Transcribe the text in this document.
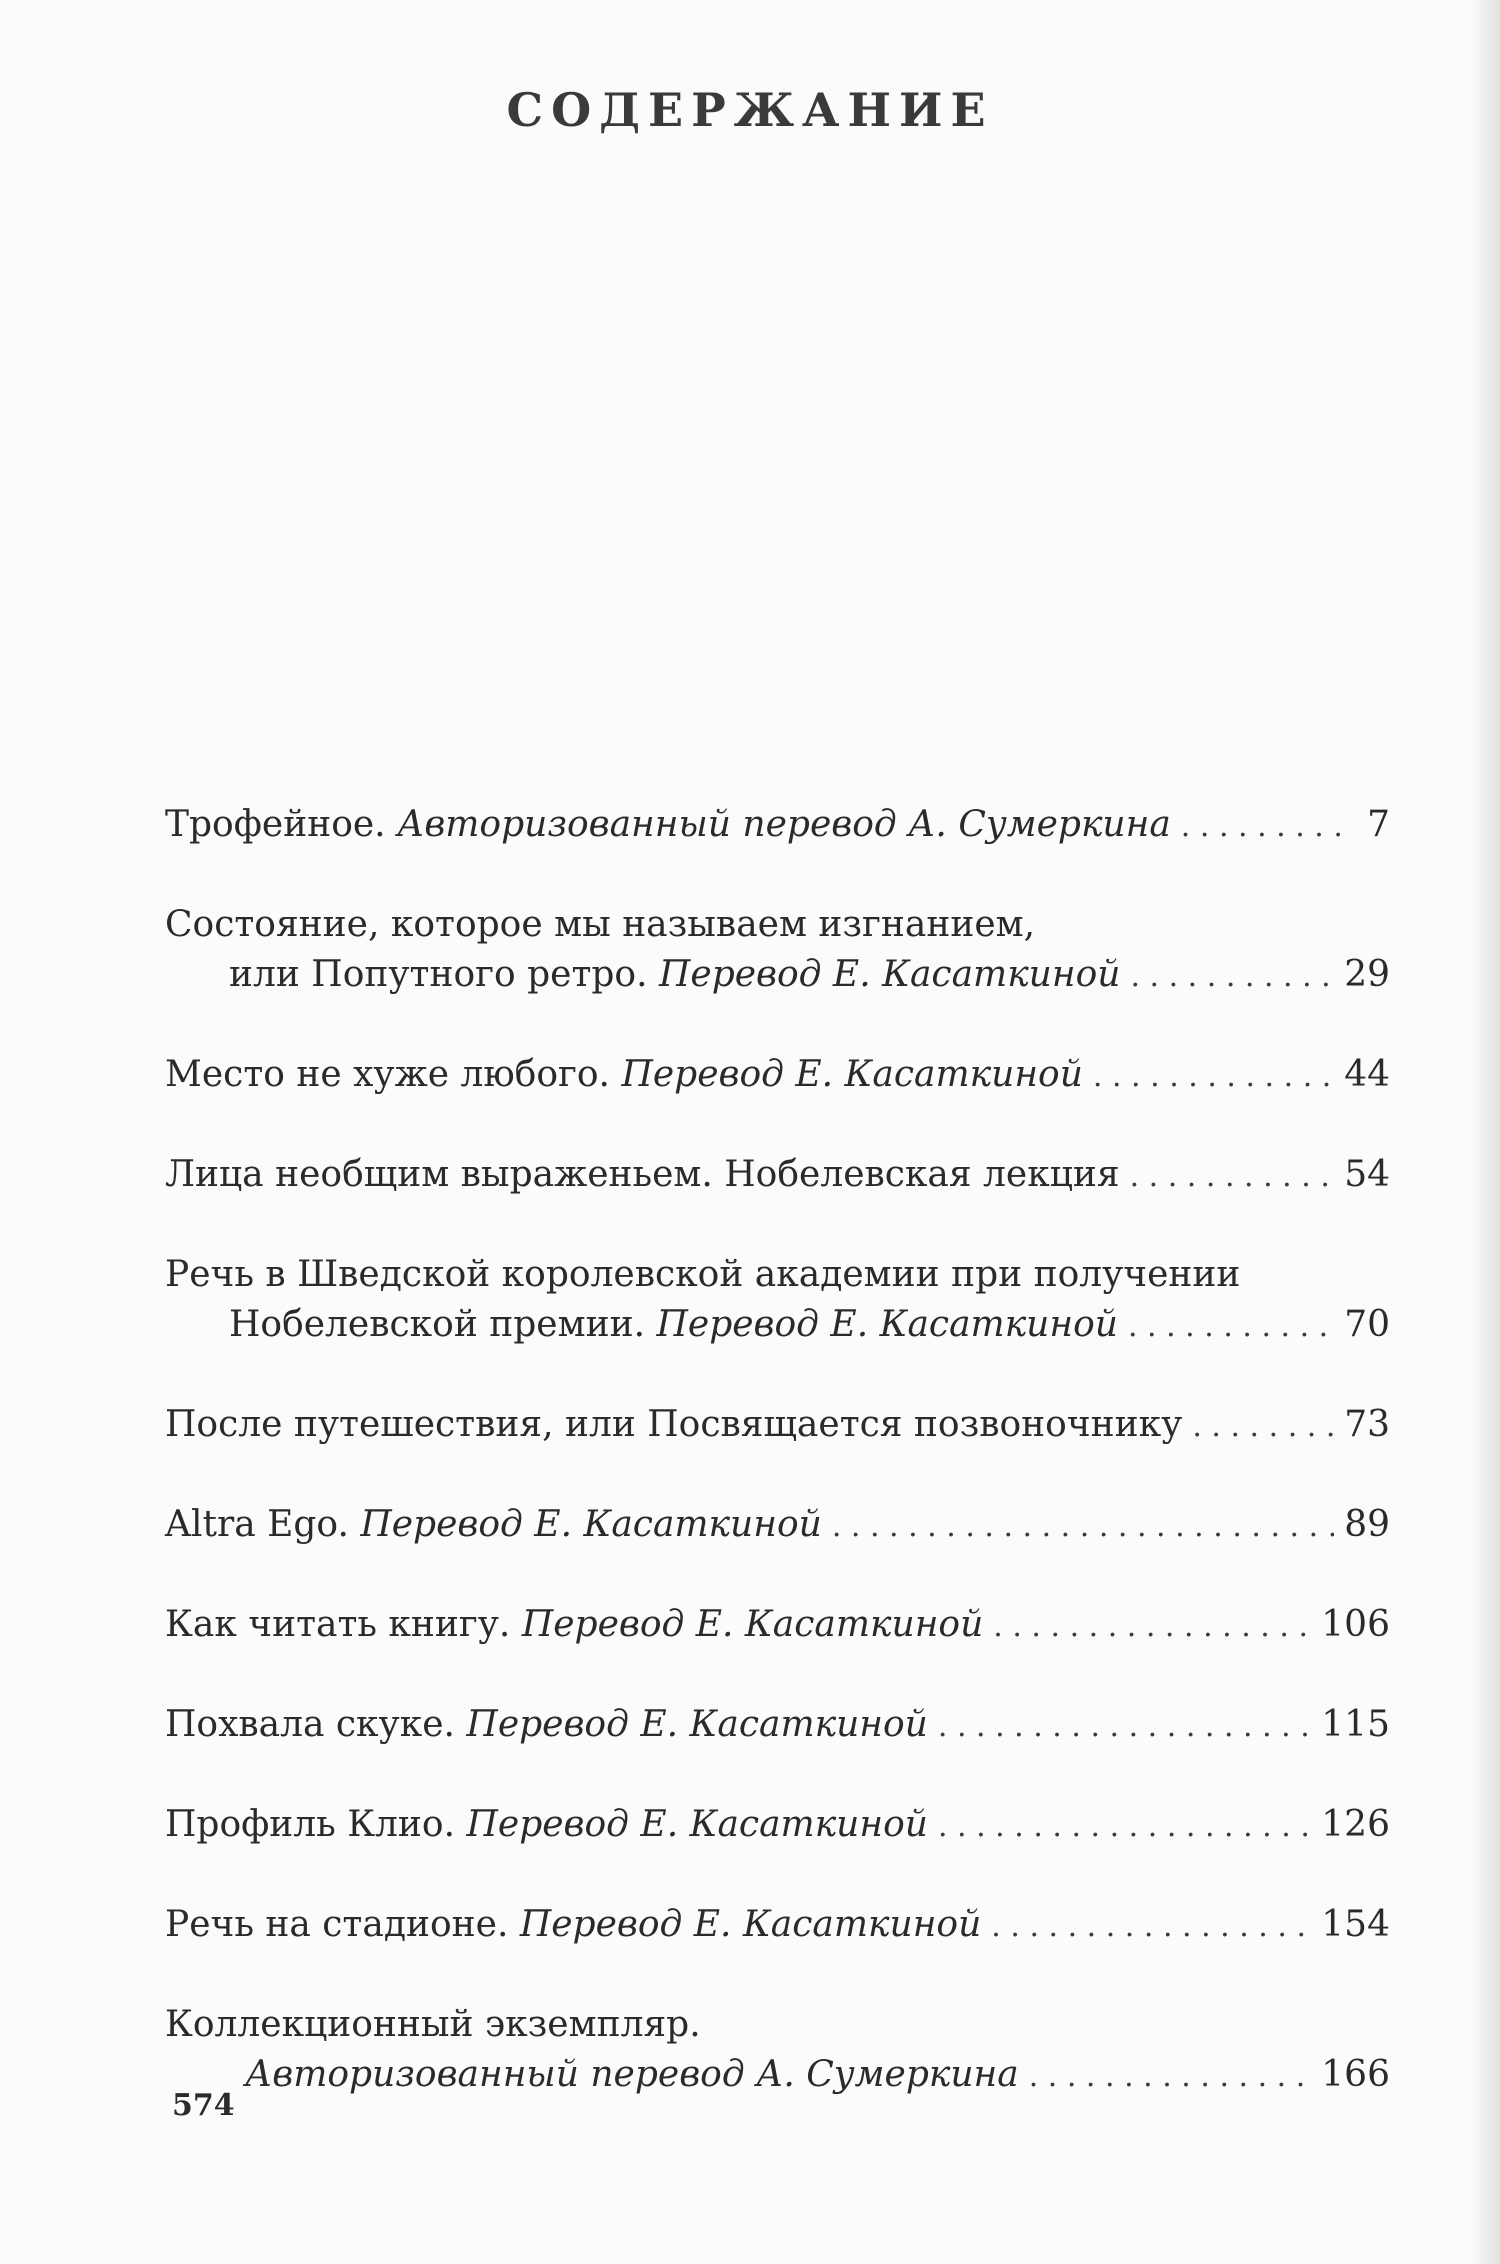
СОДЕРЖАНИЕ
Трофейное. Авторизованный перевод А. Сумеркина . . .	7
Состояние, которое мы называем изгнанием,
или Попутного ретро. Перевод Е. Касаткиной . . .	29
Место не хуже любого. Перевод Е. Касаткиной . . .	44
Лица необщим выраженьем. Нобелевская лекция . . .	54
Речь в Шведской королевской академии при получении
Нобелевской премии. Перевод Е. Касаткиной . . .	70
После путешествия, или Посвящается позвоночнику . . .	73
Altra Ego. Перевод Е. Касаткиной . . .	89
Как читать книгу. Перевод Е. Касаткиной . . .	106
Похвала скуке. Перевод Е. Касаткиной . . .	115
Профиль Клио. Перевод Е. Касаткиной . . .	126
Речь на стадионе. Перевод Е. Касаткиной . . .	154
Коллекционный экземпляр.
Авторизованный перевод А. Сумеркина . . .	166
574
